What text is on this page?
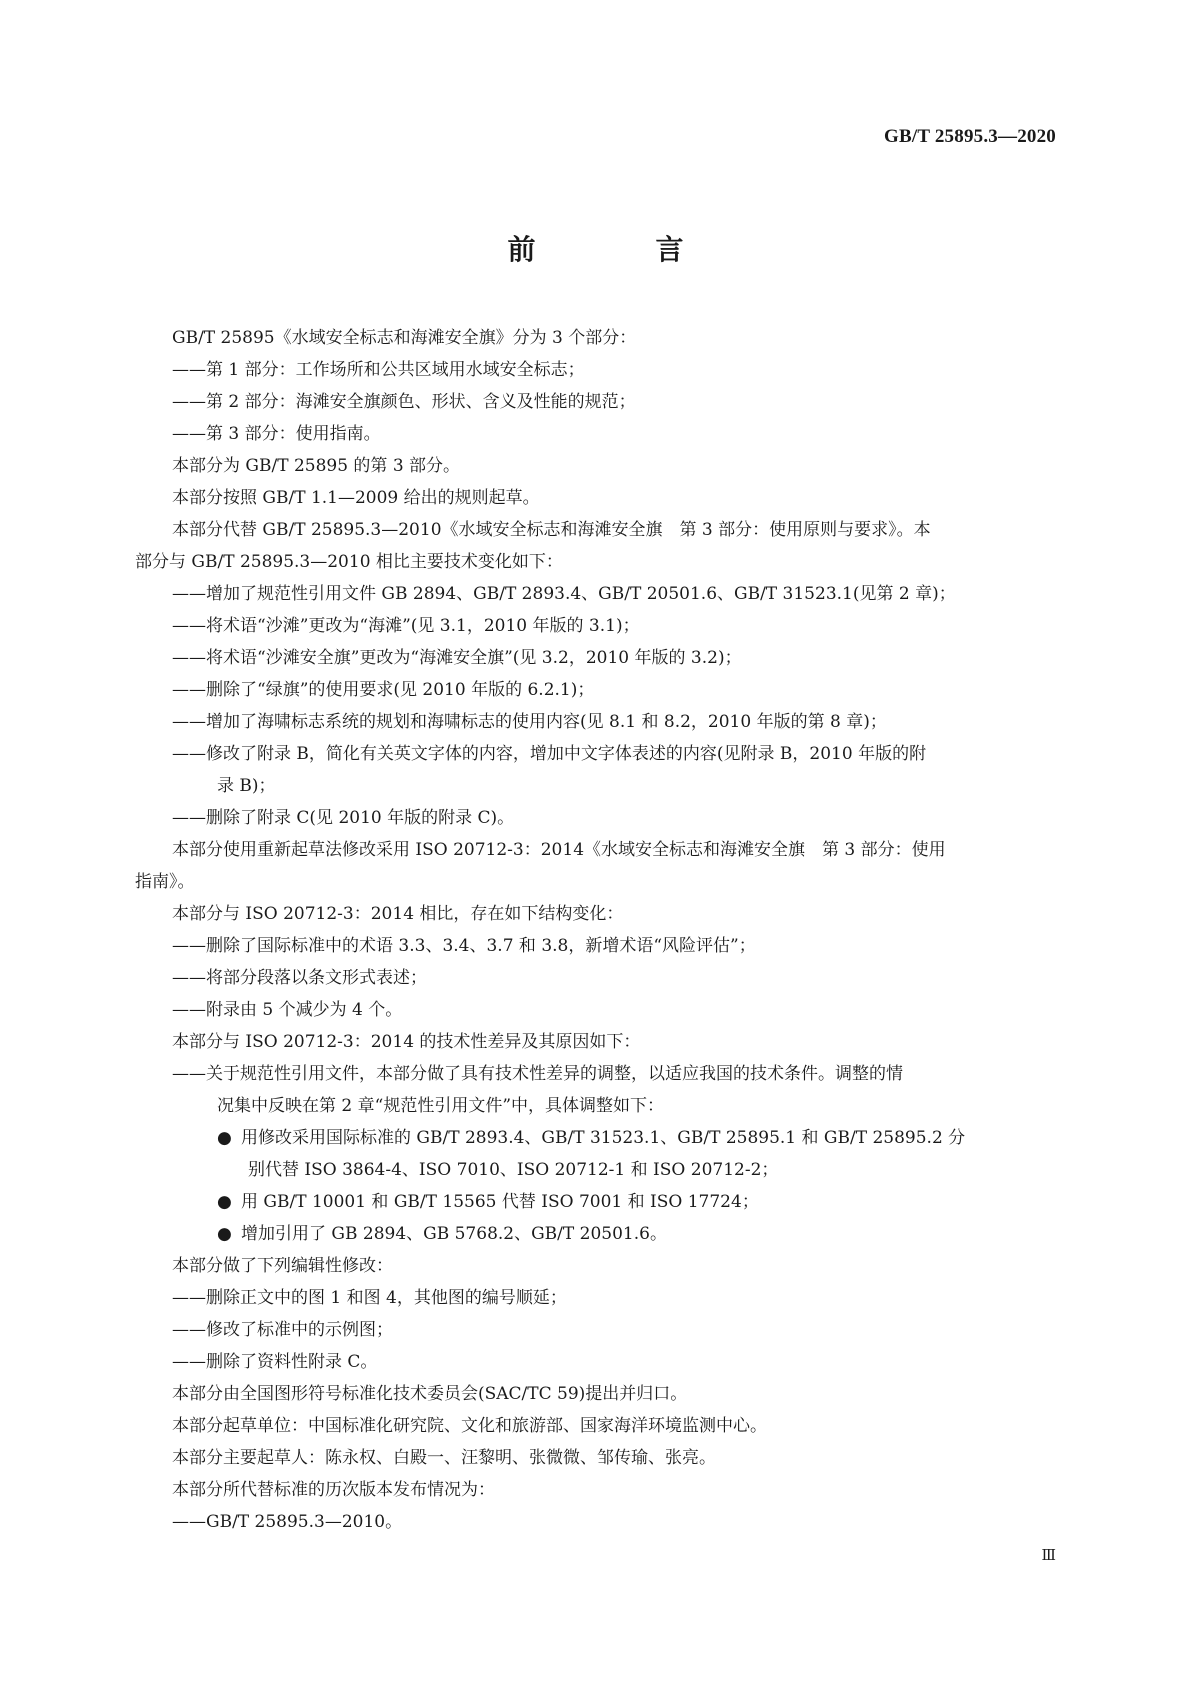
GB/T 25895.3—2020
前　言
GB/T 25895《水域安全标志和海滩安全旗》分为 3 个部分：
——第 1 部分：工作场所和公共区域用水域安全标志；
——第 2 部分：海滩安全旗颜色、形状、含义及性能的规范；
——第 3 部分：使用指南。
本部分为 GB/T 25895 的第 3 部分。
本部分按照 GB/T 1.1—2009 给出的规则起草。
本部分代替 GB/T 25895.3—2010《水域安全标志和海滩安全旗　第 3 部分：使用原则与要求》。本
部分与 GB/T 25895.3—2010 相比主要技术变化如下：
——增加了规范性引用文件 GB 2894、GB/T 2893.4、GB/T 20501.6、GB/T 31523.1(见第 2 章)；
——将术语“沙滩”更改为“海滩”(见 3.1，2010 年版的 3.1)；
——将术语“沙滩安全旗”更改为“海滩安全旗”(见 3.2，2010 年版的 3.2)；
——删除了“绿旗”的使用要求(见 2010 年版的 6.2.1)；
——增加了海啸标志系统的规划和海啸标志的使用内容(见 8.1 和 8.2，2010 年版的第 8 章)；
——修改了附录 B，简化有关英文字体的内容，增加中文字体表述的内容(见附录 B，2010 年版的附
录 B)；
——删除了附录 C(见 2010 年版的附录 C)。
本部分使用重新起草法修改采用 ISO 20712-3：2014《水域安全标志和海滩安全旗　第 3 部分：使用
指南》。
本部分与 ISO 20712-3：2014 相比，存在如下结构变化：
——删除了国际标准中的术语 3.3、3.4、3.7 和 3.8，新增术语“风险评估”；
——将部分段落以条文形式表述；
——附录由 5 个减少为 4 个。
本部分与 ISO 20712-3：2014 的技术性差异及其原因如下：
——关于规范性引用文件，本部分做了具有技术性差异的调整，以适应我国的技术条件。调整的情
况集中反映在第 2 章“规范性引用文件”中，具体调整如下：
● 用修改采用国际标准的 GB/T 2893.4、GB/T 31523.1、GB/T 25895.1 和 GB/T 25895.2 分
别代替 ISO 3864-4、ISO 7010、ISO 20712-1 和 ISO 20712-2；
● 用 GB/T 10001 和 GB/T 15565 代替 ISO 7001 和 ISO 17724；
● 增加引用了 GB 2894、GB 5768.2、GB/T 20501.6。
本部分做了下列编辑性修改：
——删除正文中的图 1 和图 4，其他图的编号顺延；
——修改了标准中的示例图；
——删除了资料性附录 C。
本部分由全国图形符号标准化技术委员会(SAC/TC 59)提出并归口。
本部分起草单位：中国标准化研究院、文化和旅游部、国家海洋环境监测中心。
本部分主要起草人：陈永权、白殿一、汪黎明、张微微、邹传瑜、张亮。
本部分所代替标准的历次版本发布情况为：
——GB/T 25895.3—2010。
Ⅲ
